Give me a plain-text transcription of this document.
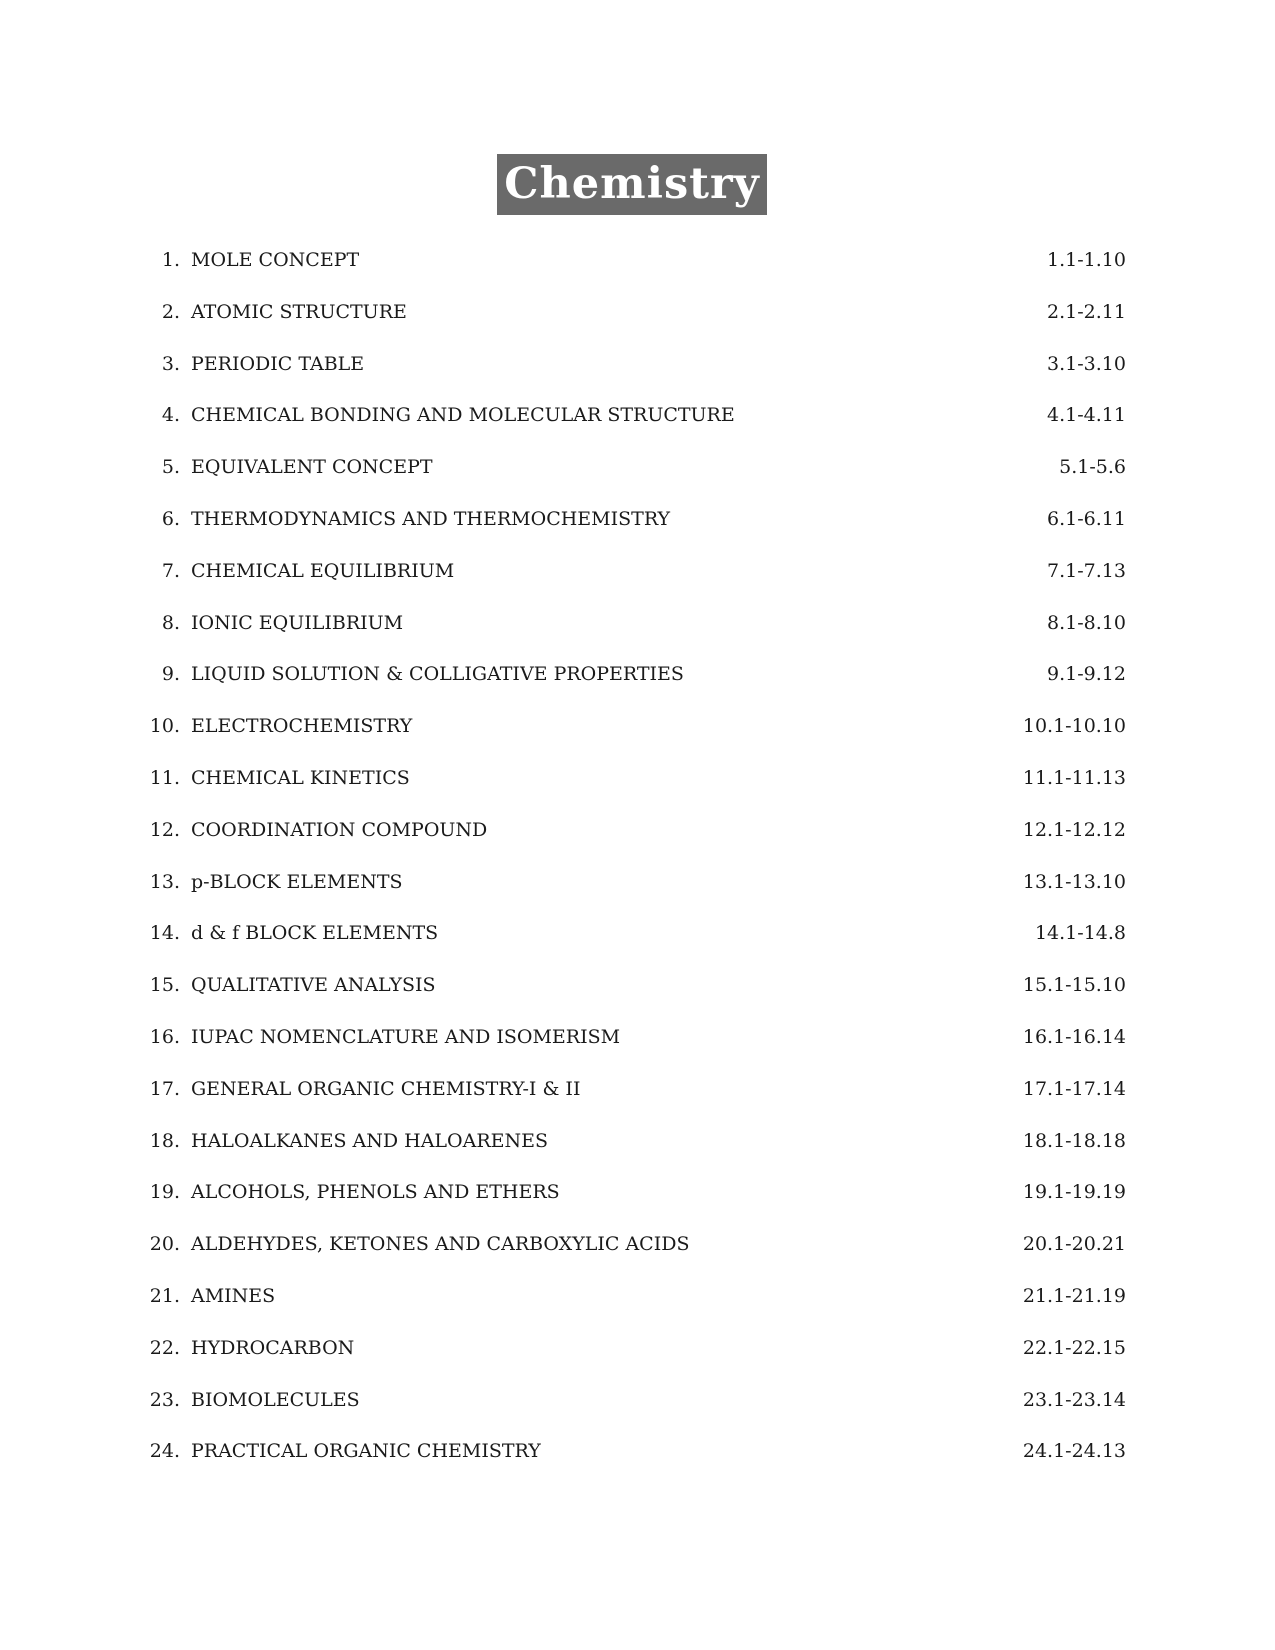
Chemistry
1. MOLE CONCEPT	1.1-1.10
2. ATOMIC STRUCTURE	2.1-2.11
3. PERIODIC TABLE	3.1-3.10
4. CHEMICAL BONDING AND MOLECULAR STRUCTURE	4.1-4.11
5. EQUIVALENT CONCEPT	5.1-5.6
6. THERMODYNAMICS AND THERMOCHEMISTRY	6.1-6.11
7. CHEMICAL EQUILIBRIUM	7.1-7.13
8. IONIC EQUILIBRIUM	8.1-8.10
9. LIQUID SOLUTION & COLLIGATIVE PROPERTIES	9.1-9.12
10. ELECTROCHEMISTRY	10.1-10.10
11. CHEMICAL KINETICS	11.1-11.13
12. COORDINATION COMPOUND	12.1-12.12
13. p-BLOCK ELEMENTS	13.1-13.10
14. d & f BLOCK ELEMENTS	14.1-14.8
15. QUALITATIVE ANALYSIS	15.1-15.10
16. IUPAC NOMENCLATURE AND ISOMERISM	16.1-16.14
17. GENERAL ORGANIC CHEMISTRY-I & II	17.1-17.14
18. HALOALKANES AND HALOARENES	18.1-18.18
19. ALCOHOLS, PHENOLS AND ETHERS	19.1-19.19
20. ALDEHYDES, KETONES AND CARBOXYLIC ACIDS	20.1-20.21
21. AMINES	21.1-21.19
22. HYDROCARBON	22.1-22.15
23. BIOMOLECULES	23.1-23.14
24. PRACTICAL ORGANIC CHEMISTRY	24.1-24.13
